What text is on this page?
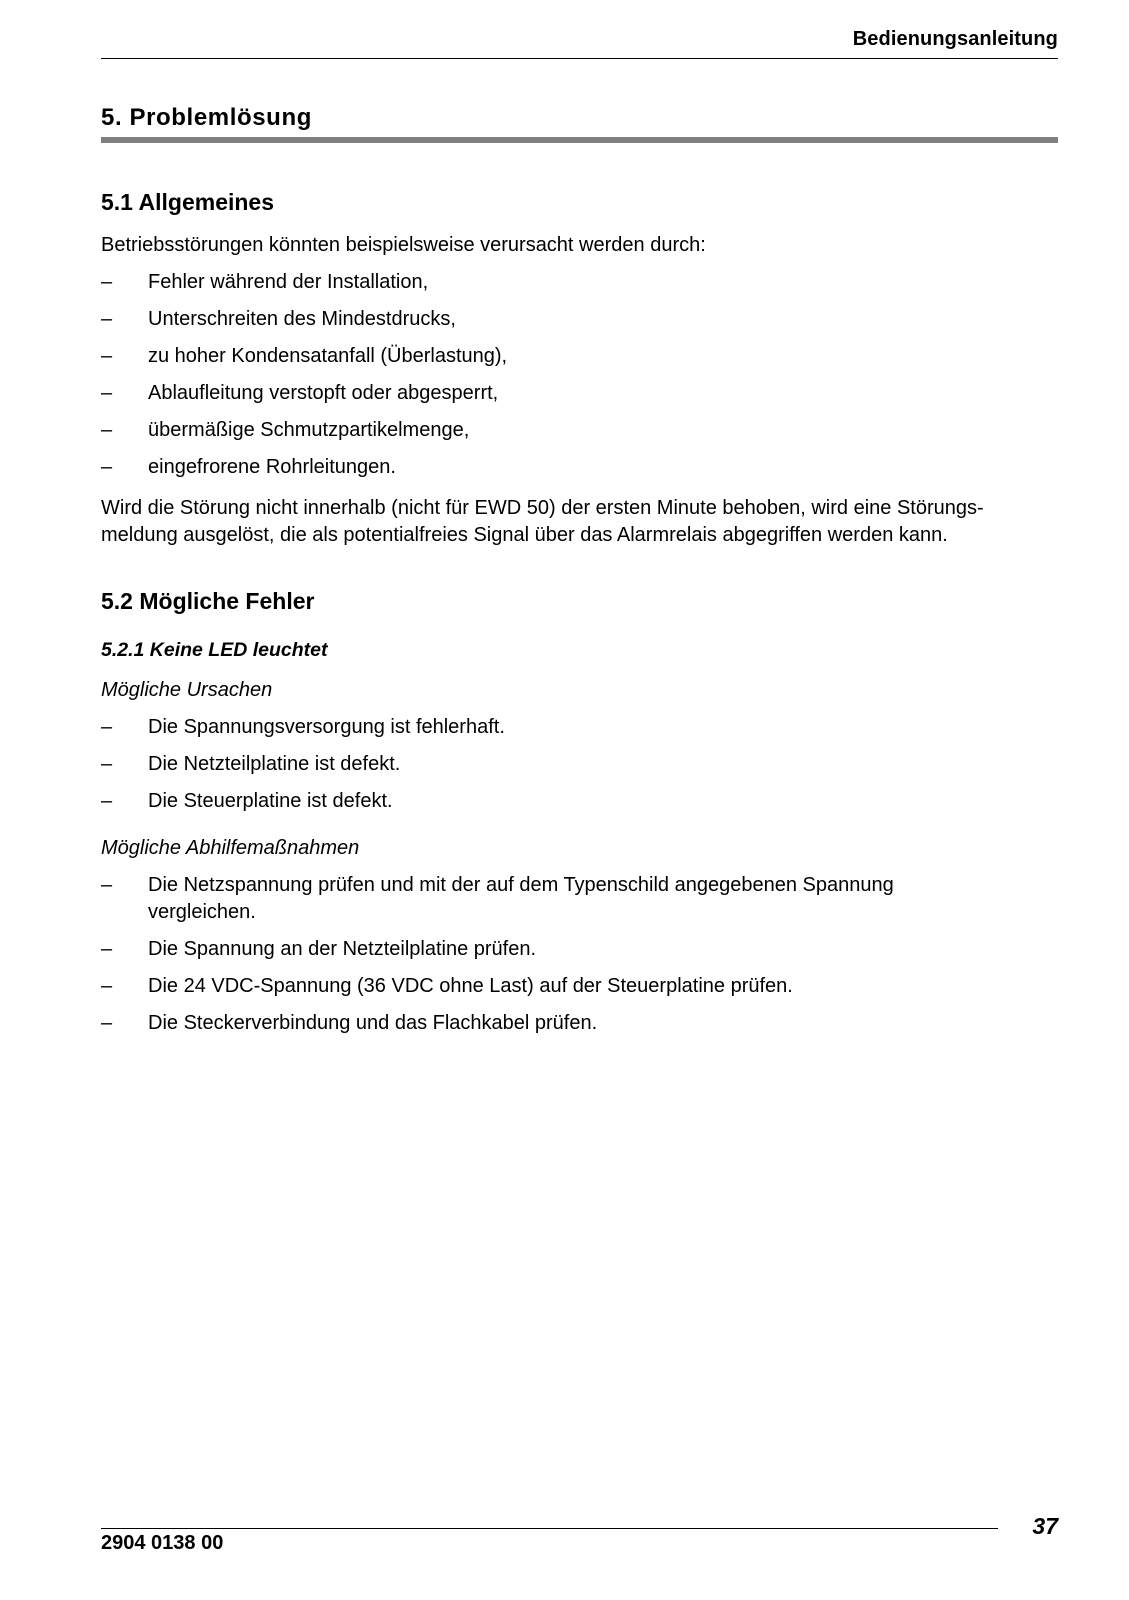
Bedienungsanleitung
5. Problemlösung
5.1 Allgemeines

Betriebsstörungen könnten beispielsweise verursacht werden durch:

– Fehler während der Installation,
– Unterschreiten des Mindestdrucks,
– zu hoher Kondensatanfall (Überlastung),
– Ablaufleitung verstopft oder abgesperrt,
– übermäßige Schmutzpartikelmenge,
– eingefrorene Rohrleitungen.

Wird die Störung nicht innerhalb (nicht für EWD 50) der ersten Minute behoben, wird eine Störungs-
meldung ausgelöst, die als potentialfreies Signal über das Alarmrelais abgegriffen werden kann.

5.2 Mögliche Fehler
5.2.1 Keine LED leuchtet

Mögliche Ursachen

– Die Spannungsversorgung ist fehlerhaft.
– Die Netzteilplatine ist defekt.
– Die Steuerplatine ist defekt.

Mögliche Abhilfemaßnahmen

– Die Netzspannung prüfen und mit der auf dem Typenschild angegebenen Spannung vergleichen.
– Die Spannung an der Netzteilplatine prüfen.
– Die 24 VDC-Spannung (36 VDC ohne Last) auf der Steuerplatine prüfen.
– Die Steckerverbindung und das Flachkabel prüfen.
2904 0138 00
37
